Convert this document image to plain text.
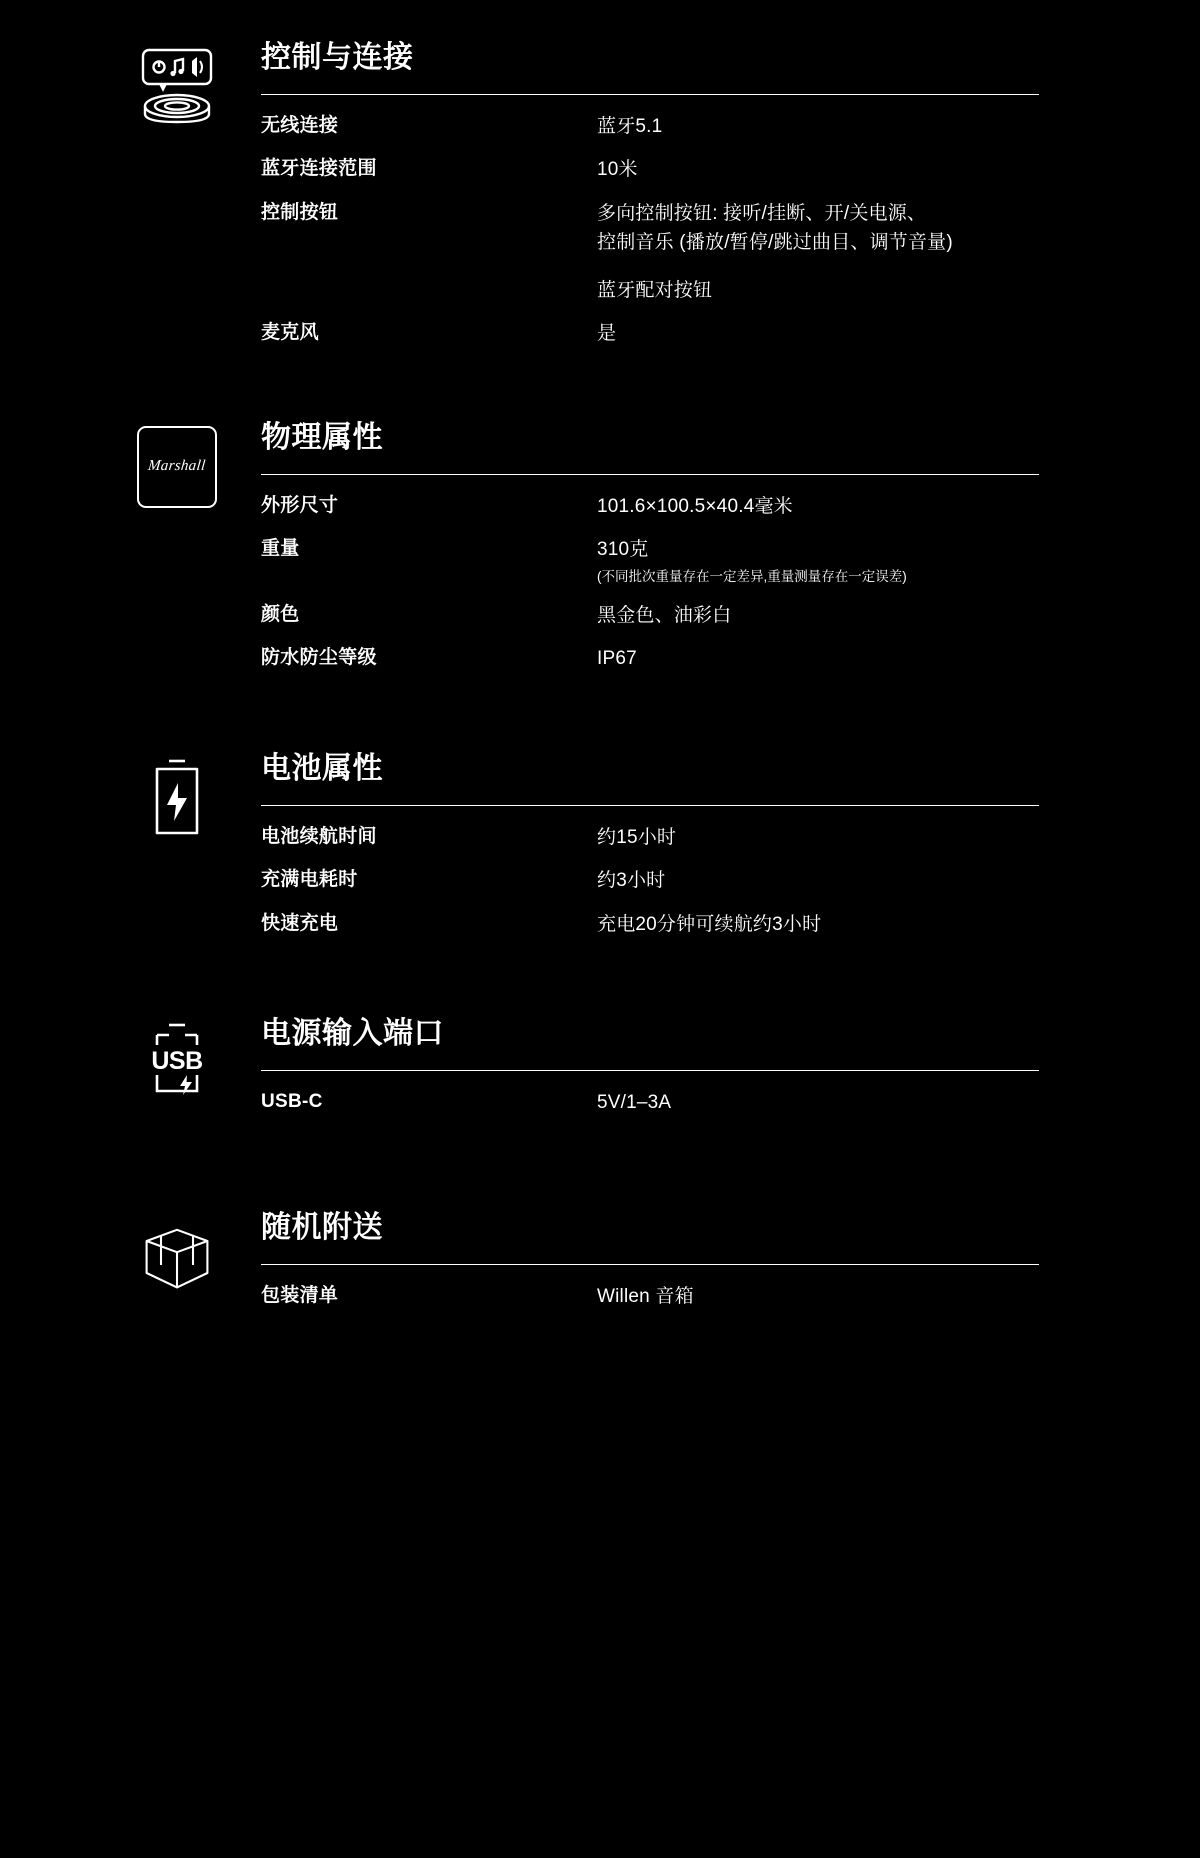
控制与连接
无线连接	蓝牙5.1
蓝牙连接范围	10米
控制按钮	多向控制按钮: 接听/挂断、开/关电源、
控制音乐 (播放/暂停/跳过曲目、调节音量)
蓝牙配对按钮
麦克风	是
Marshall
物理属性
外形尺寸	101.6×100.5×40.4毫米
重量	310克
(不同批次重量存在一定差异,重量测量存在一定误差)
颜色	黑金色、油彩白
防水防尘等级	IP67
电池属性
电池续航时间	约15小时
充满电耗时	约3小时
快速充电	充电20分钟可续航约3小时
USB
电源输入端口
USB-C	5V/1–3A
随机附送
包装清单	Willen 音箱
